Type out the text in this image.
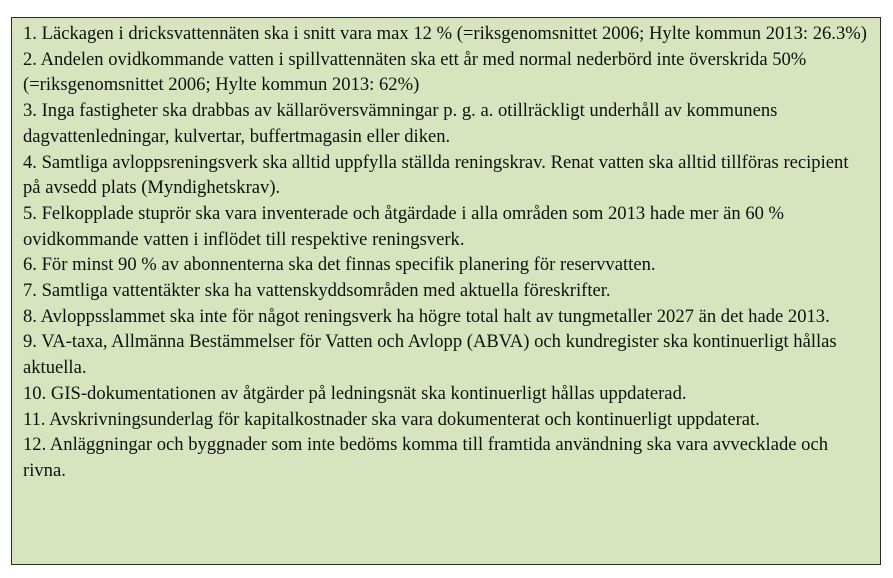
1. Läckagen i dricksvattennäten ska i snitt vara max 12 % (=riksgenomsnittet 2006; Hylte kommun 2013: 26.3%)
2. Andelen ovidkommande vatten i spillvattennäten ska ett år med normal nederbörd inte överskrida 50% (=riksgenomsnittet 2006; Hylte kommun 2013: 62%)
3. Inga fastigheter ska drabbas av källaröversvämningar p. g. a. otillräckligt underhåll av kommunens dagvattenledningar, kulvertar, buffertmagasin eller diken.
4. Samtliga avloppsreningsverk ska alltid uppfylla ställda reningskrav. Renat vatten ska alltid tillföras recipient på avsedd plats (Myndighetskrav).
5. Felkopplade stuprör ska vara inventerade och åtgärdade i alla områden som 2013 hade mer än 60 % ovidkommande vatten i inflödet till respektive reningsverk.
6. För minst 90 % av abonnenterna ska det finnas specifik planering för reservvatten.
7. Samtliga vattentäkter ska ha vattenskyddsområden med aktuella föreskrifter.
8. Avloppsslammet ska inte för något reningsverk ha högre total halt av tungmetaller 2027 än det hade 2013.
9. VA-taxa, Allmänna Bestämmelser för Vatten och Avlopp (ABVA) och kundregister ska kontinuerligt hållas aktuella.
10. GIS-dokumentationen av åtgärder på ledningsnät ska kontinuerligt hållas uppdaterad.
11. Avskrivningsunderlag för kapitalkostnader ska vara dokumenterat och kontinuerligt uppdaterat.
12. Anläggningar och byggnader som inte bedöms komma till framtida användning ska vara avvecklade och rivna.
